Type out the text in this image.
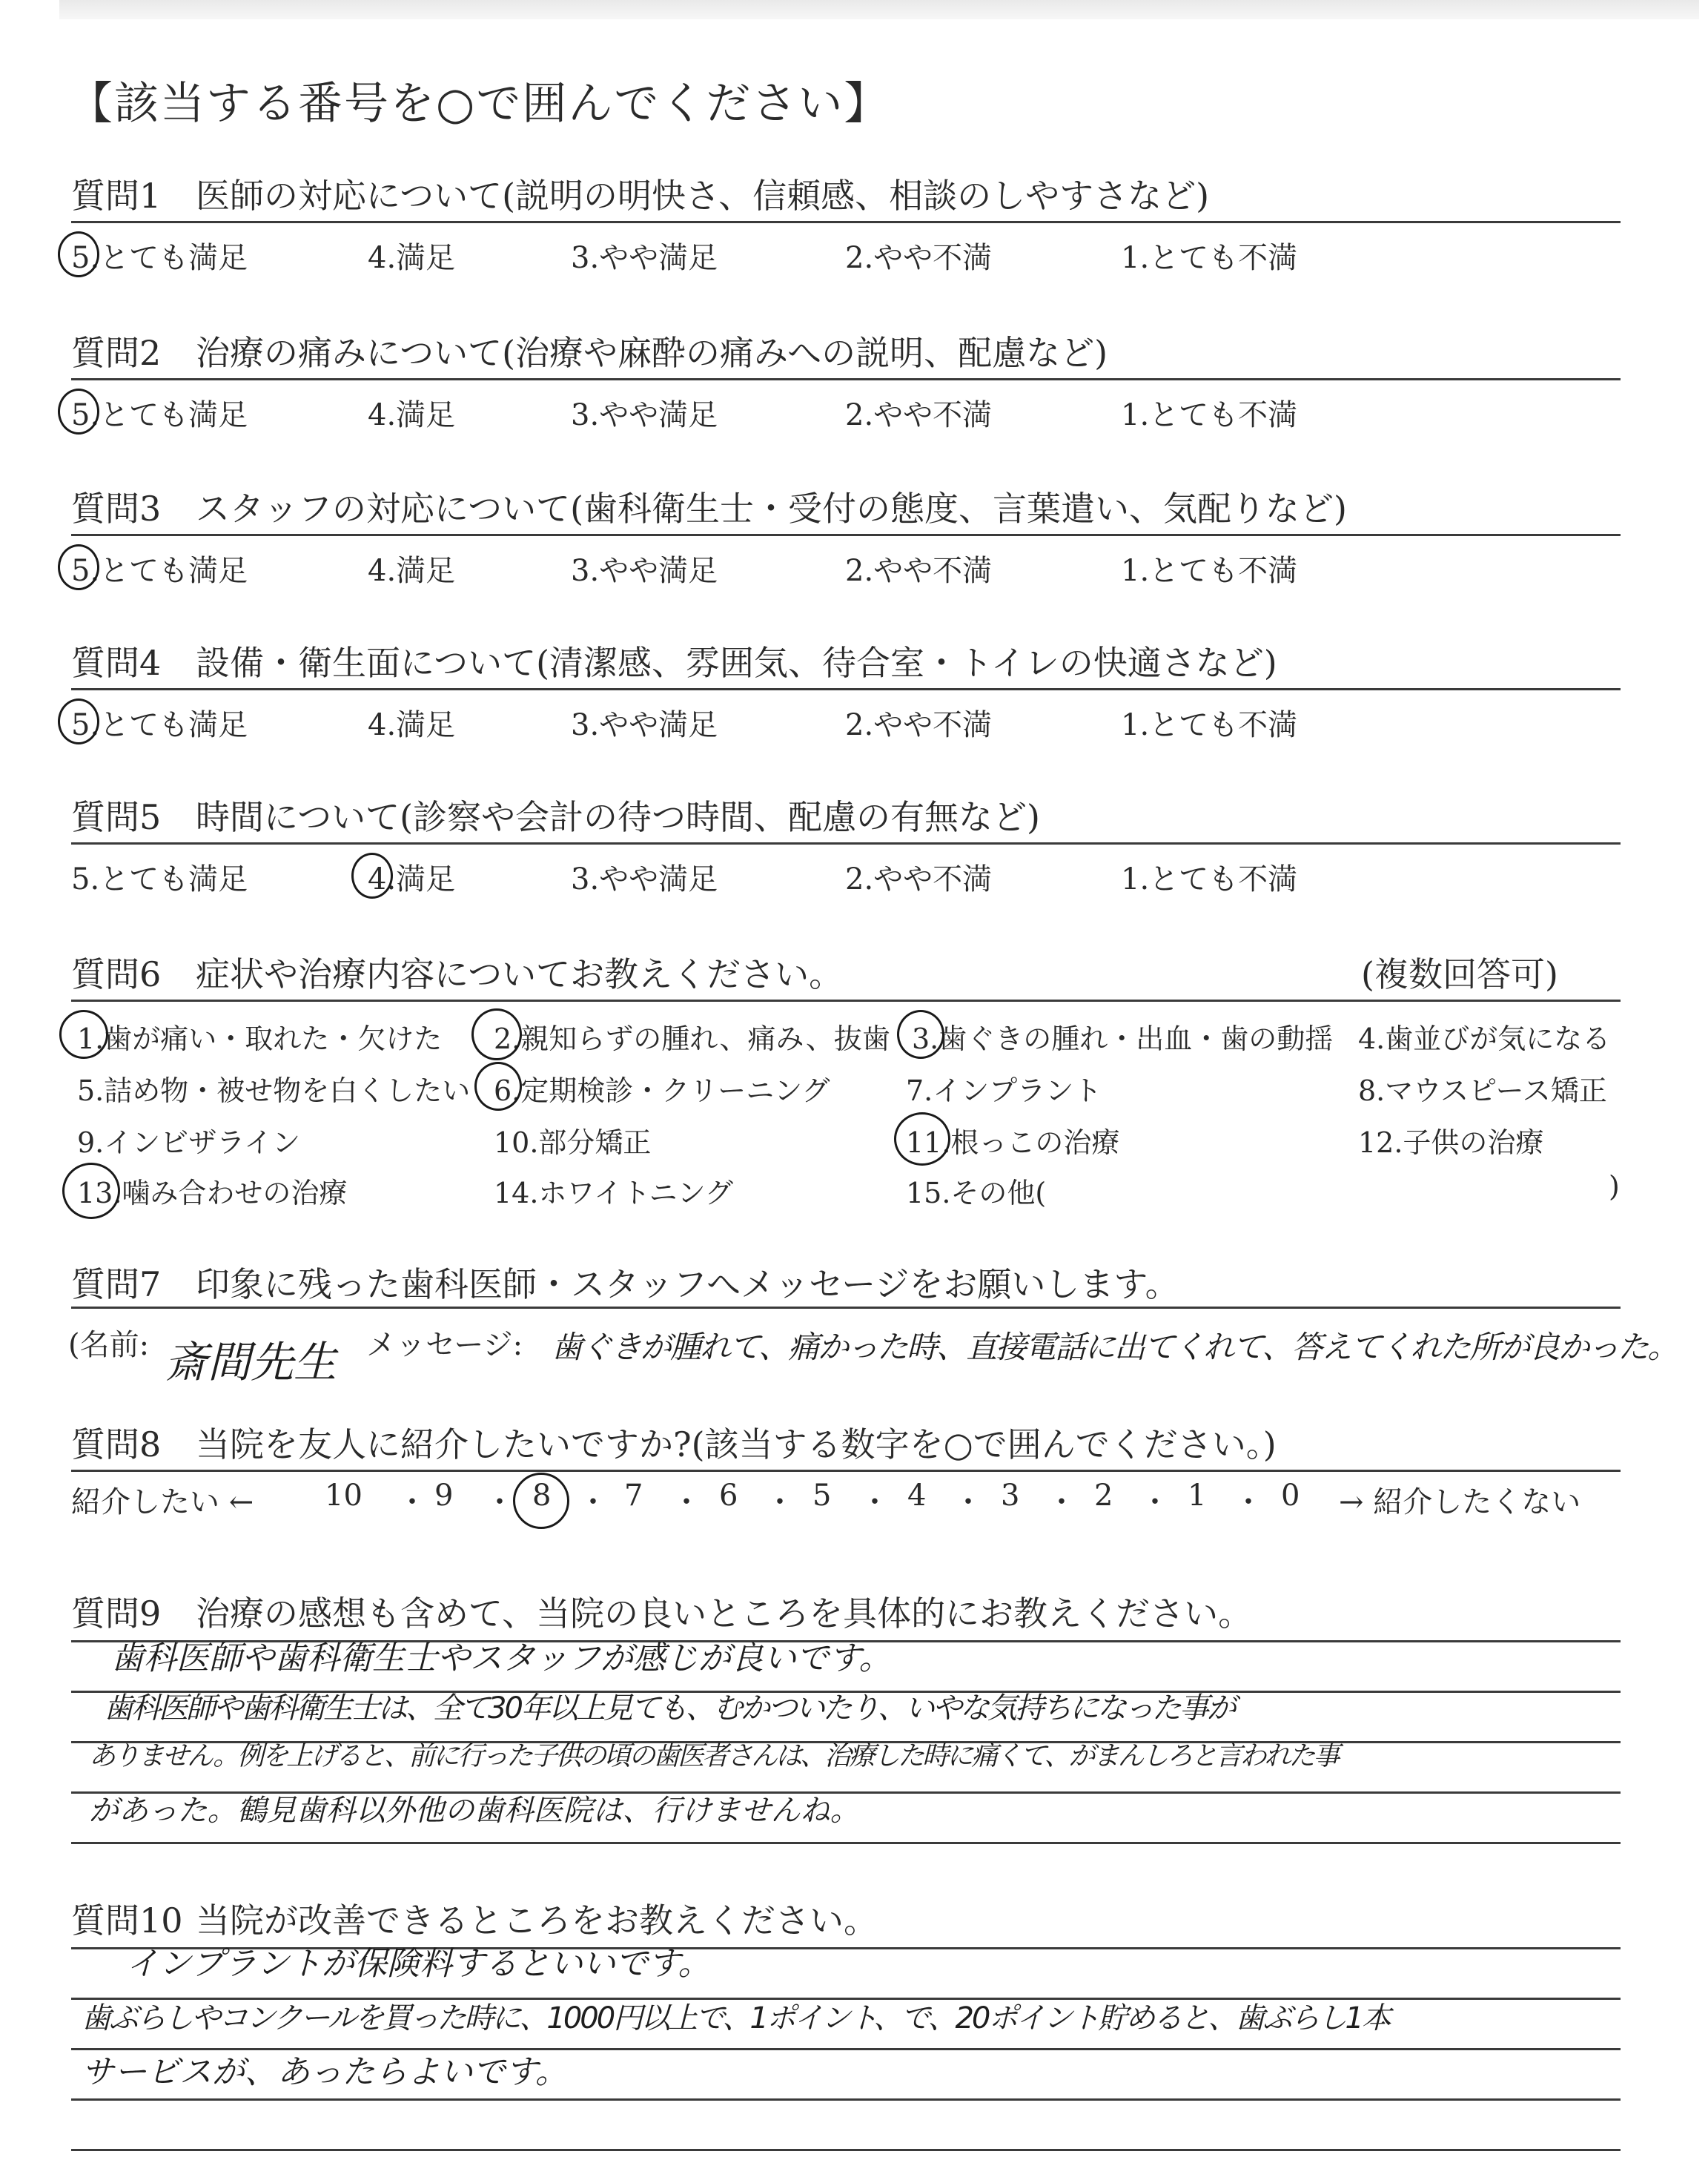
【該当する番号を○で囲んでください】
質問1 医師の対応について(説明の明快さ、信頼感、相談のしやすさなど)
5.とても満足	4.満足	3.やや満足	2.やや不満	1.とても不満
質問2 治療の痛みについて(治療や麻酔の痛みへの説明、配慮など)
5.とても満足	4.満足	3.やや満足	2.やや不満	1.とても不満
質問3 スタッフの対応について(歯科衛生士・受付の態度、言葉遣い、気配りなど)
5.とても満足	4.満足	3.やや満足	2.やや不満	1.とても不満
質問4 設備・衛生面について(清潔感、雰囲気、待合室・トイレの快適さなど)
5.とても満足	4.満足	3.やや満足	2.やや不満	1.とても不満
質問5 時間について(診察や会計の待つ時間、配慮の有無など)
5.とても満足	4.満足	3.やや満足	2.やや不満	1.とても不満
質問6 症状や治療内容についてお教えください。	(複数回答可)
1.歯が痛い・取れた・欠けた 2.親知らずの腫れ、痛み、抜歯 3.歯ぐきの腫れ・出血・歯の動揺 4.歯並びが気になる
5.詰め物・被せ物を白くしたい 6.定期検診・クリーニング	7.インプラント	8.マウスピース矯正
9.インビザライン	10.部分矯正	11.根っこの治療	12.子供の治療
13.噛み合わせの治療	14.ホワイトニング	15.その他(	)
質問7 印象に残った歯科医師・スタッフへメッセージをお願いします。
(名前: 斎間先生 メッセージ: 歯ぐきが腫れて、痛かった時、直接電話に出てくれて、答えてくれた所が良かった。
質問8 当院を友人に紹介したいですか?(該当する数字を○で囲んでください。)
紹介したい ←	→ 紹介したくない
10 9	8 7	6	5	4	3	2	1	0
・ ・ ・ ・ ・ ・ ・ ・ ・ ・
質問9 治療の感想も含めて、当院の良いところを具体的にお教えください。
歯科医師や歯科衛生士やスタッフが感じが良いです。
歯科医師や歯科衛生士は、全て30年以上見ても、むかついたり、いやな気持ちになった事が
ありません。例を上げると、前に行った子供の頃の歯医者さんは、治療した時に痛くて、がまんしろと言われた事
があった。鶴見歯科以外他の歯科医院は、行けませんね。
質問10 当院が改善できるところをお教えください。
インプラントが保険料するといいです。
歯ぶらしやコンクールを買った時に、1000円以上で、1ポイント、で、20ポイント貯めると、歯ぶらし1本
サービスが、あったらよいです。
